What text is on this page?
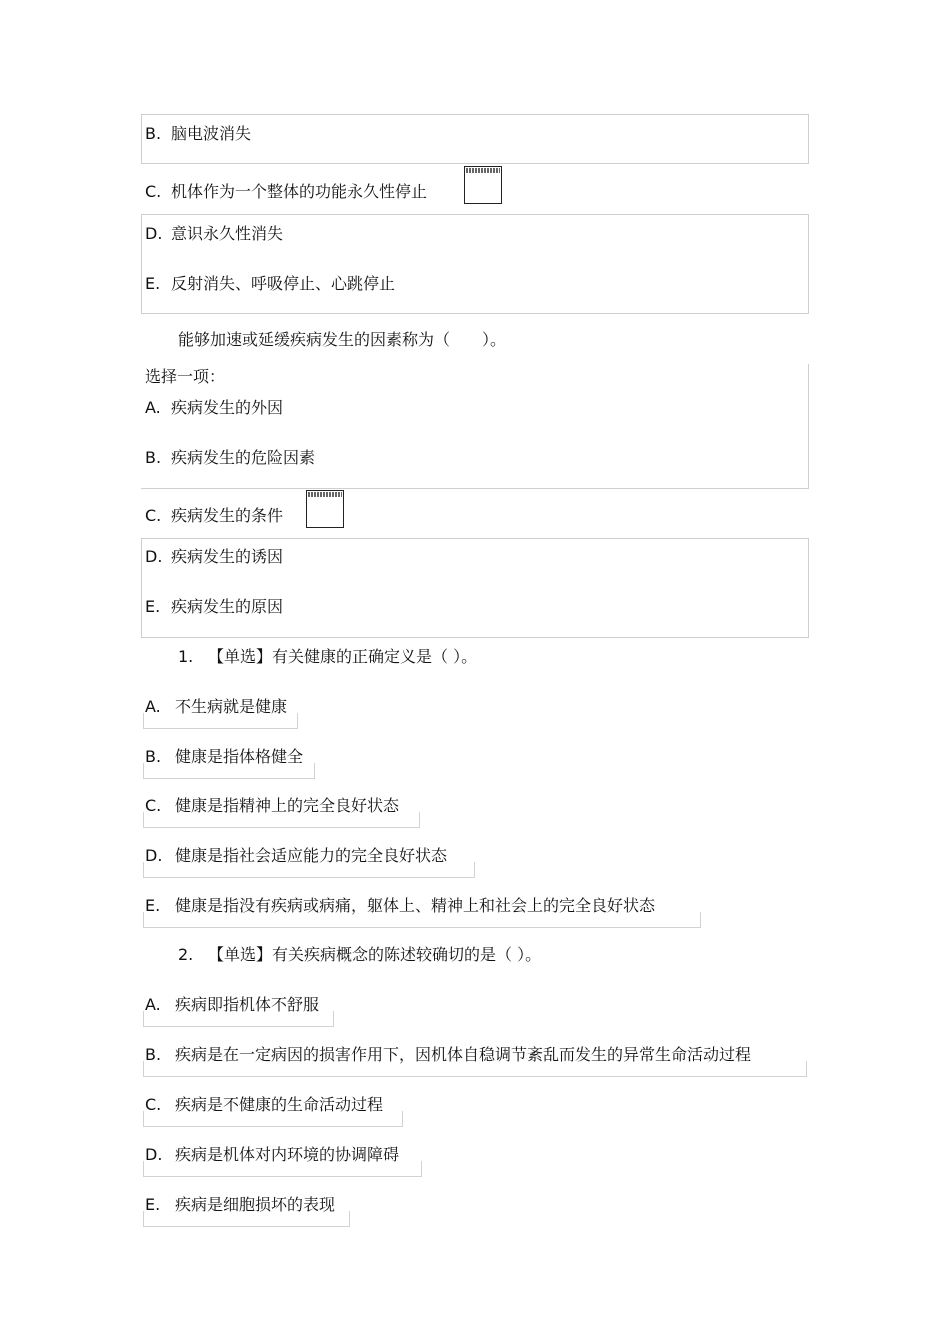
B. 脑电波消失
C. 机体作为一个整体的功能永久性停止
D. 意识永久性消失
E. 反射消失、呼吸停止、心跳停止
能够加速或延缓疾病发生的因素称为（　　）。
选择一项：
A. 疾病发生的外因
B. 疾病发生的危险因素
C. 疾病发生的条件
D. 疾病发生的诱因
E. 疾病发生的原因
1. 【单选】有关健康的正确定义是（ ）。
A. 不生病就是健康
B. 健康是指体格健全
C. 健康是指精神上的完全良好状态
D. 健康是指社会适应能力的完全良好状态
E. 健康是指没有疾病或病痛，躯体上、精神上和社会上的完全良好状态
2. 【单选】有关疾病概念的陈述较确切的是（ ）。
A. 疾病即指机体不舒服
B. 疾病是在一定病因的损害作用下，因机体自稳调节紊乱而发生的异常生命活动过程
C. 疾病是不健康的生命活动过程
D. 疾病是机体对内环境的协调障碍
E. 疾病是细胞损坏的表现
